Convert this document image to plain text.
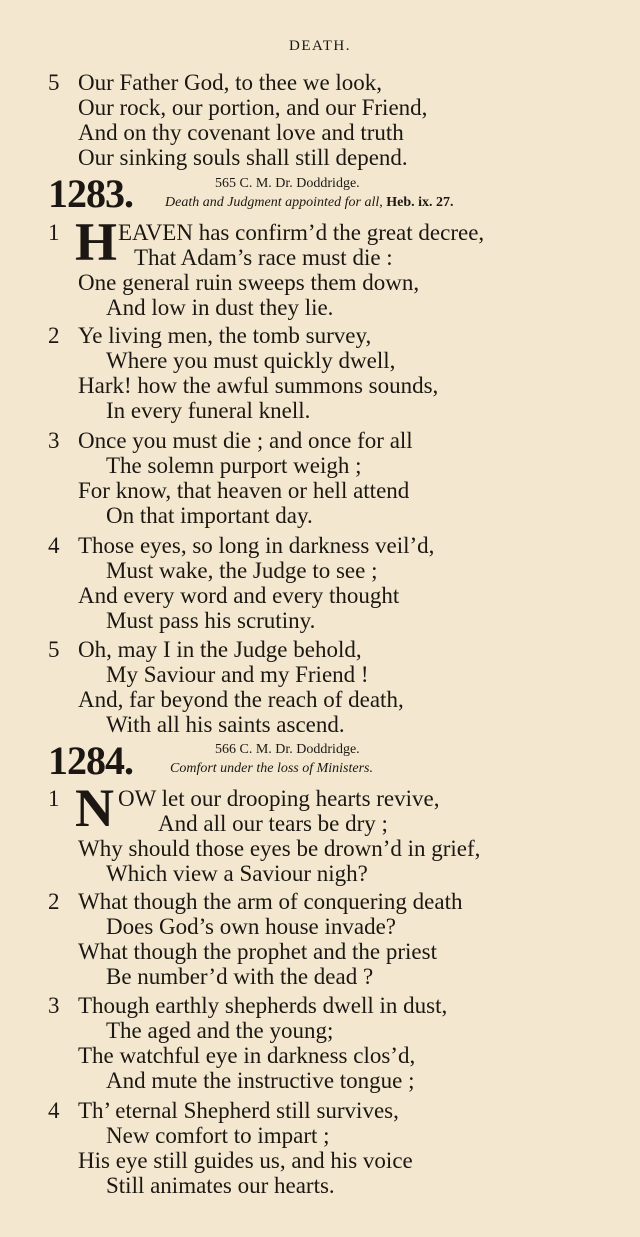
DEATH.
5 Our Father God, to thee we look,
Our rock, our portion, and our Friend,
And on thy covenant love and truth
Our sinking souls shall still depend.
1283.	565 C. M. Dr. Doddridge.
Death and Judgment appointed for all, Heb. ix. 27.
1 H EAVEN has confirm’d the great decree,
That Adam’s race must die :
One general ruin sweeps them down,
And low in dust they lie.
2 Ye living men, the tomb survey,
Where you must quickly dwell,
Hark! how the awful summons sounds,
In every funeral knell.
3 Once you must die ; and once for all
The solemn purport weigh ;
For know, that heaven or hell attend
On that important day.
4 Those eyes, so long in darkness veil’d,
Must wake, the Judge to see ;
And every word and every thought
Must pass his scrutiny.
5 Oh, may I in the Judge behold,
My Saviour and my Friend !
And, far beyond the reach of death,
With all his saints ascend.
1284.	566 C. M. Dr. Doddridge.
Comfort under the loss of Ministers.
1 N OW let our drooping hearts revive,
And all our tears be dry ;
Why should those eyes be drown’d in grief,
Which view a Saviour nigh?
2 What though the arm of conquering death
Does God’s own house invade?
What though the prophet and the priest
Be number’d with the dead ?
3 Though earthly shepherds dwell in dust,
The aged and the young;
The watchful eye in darkness clos’d,
And mute the instructive tongue ;
4 Th’ eternal Shepherd still survives,
New comfort to impart ;
His eye still guides us, and his voice
Still animates our hearts.
